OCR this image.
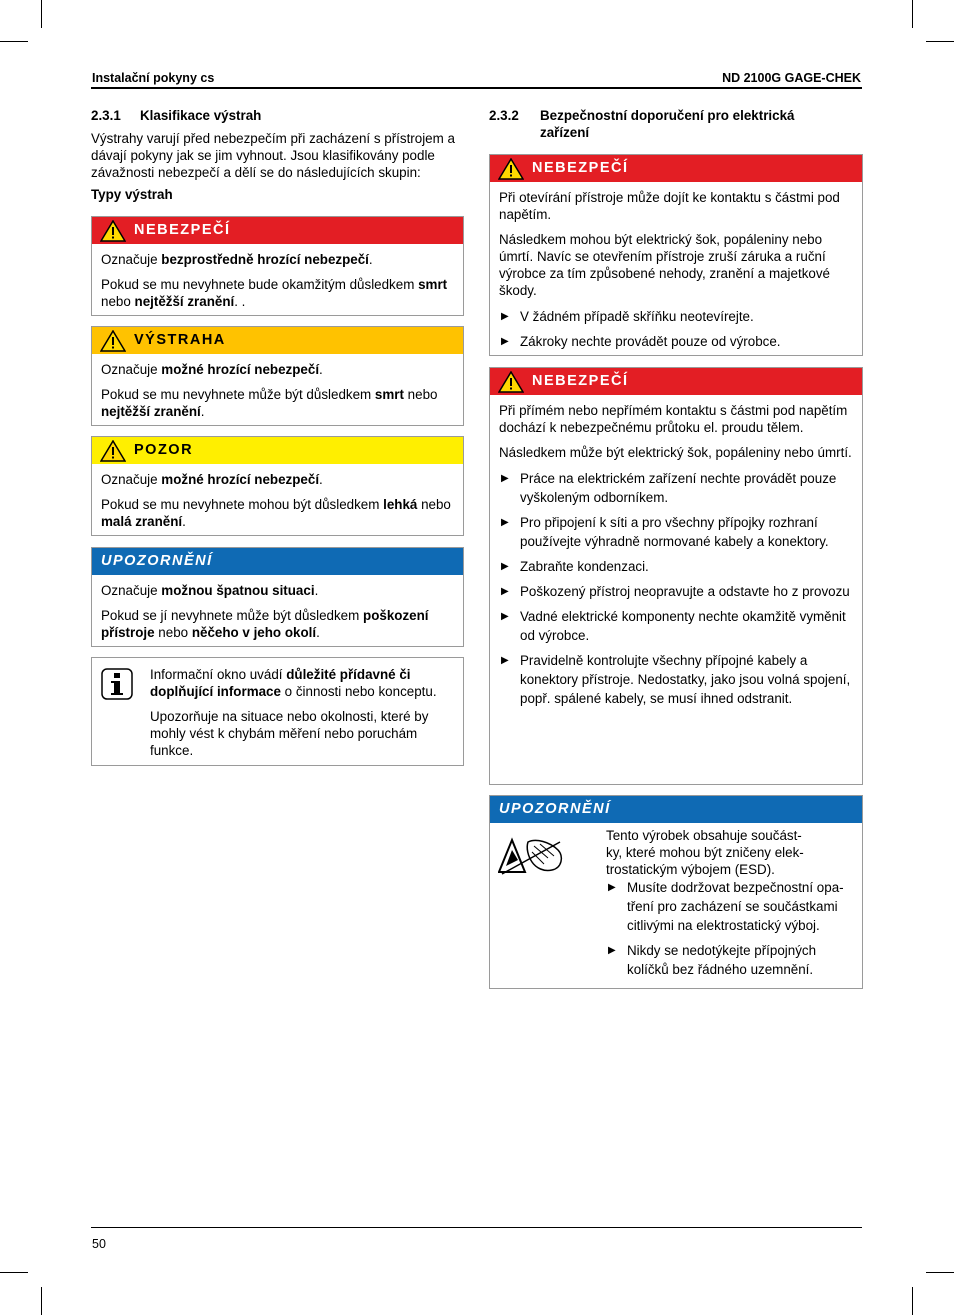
Instalační pokyny cs	ND 2100G GAGE-CHEK
2.3.1 Klasifikace výstrah

Výstrahy varují před nebezpečím při zacházení s přístrojem a dávají pokyny jak se jim vyhnout. Jsou klasifikovány podle závažnosti nebezpečí a dělí se do následujících skupin:

Typy výstrah
NEBEZPEČÍ

Označuje bezprostředně hrozící nebezpečí.

Pokud se mu nevyhnete bude okamžitým důsledkem smrt nebo nejtěžší zranění. .

VÝSTRAHA

Označuje možné hrozící nebezpečí.

Pokud se mu nevyhnete může být důsledkem smrt nebo nejtěžší zranění.

POZOR

Označuje možné hrozící nebezpečí.

Pokud se mu nevyhnete mohou být důsledkem lehká nebo malá zranění.

UPOZORNĚNÍ

Označuje možnou špatnou situaci.

Pokud se jí nevyhnete může být důsledkem poškození přístroje nebo něčeho v jeho okolí.

Informační okno uvádí důležité přídavné či doplňující informace o činnosti nebo konceptu.

Upozorňuje na situace nebo okolnosti, které by mohly vést k chybám měření nebo poruchám funkce.

2.3.2 Bezpečnostní doporučení pro elektrická
zařízení
NEBEZPEČÍ

Při otevírání přístroje může dojít ke kontaktu s částmi pod napětím.

Následkem mohou být elektrický šok, popáleniny nebo úmrtí. Navíc se otevřením přístroje zruší záruka a ruční výrobce za tím způsobené nehody, zranění a majetkové škody.

▶ V žádném případě skříňku neotevírejte.
▶ Zákroky nechte provádět pouze od výrobce.
NEBEZPEČÍ

Při přímém nebo nepřímém kontaktu s částmi pod napětím dochází k nebezpečnému průtoku el. proudu tělem.

Následkem může být elektrický šok, popáleniny nebo úmrtí.

▶ Práce na elektrickém zařízení nechte provádět pouze vyškoleným odborníkem.
▶ Pro připojení k síti a pro všechny přípojky rozhraní používejte výhradně normované kabely a konektory.
▶ Zabraňte kondenzaci.
▶ Poškozený přístroj neopravujte a odstavte ho z provozu
▶ Vadné elektrické komponenty nechte okamžitě vyměnit od výrobce.
▶ Pravidelně kontrolujte všechny přípojné kabely a konektory přístroje. Nedostatky, jako jsou volná spojení, popř. spálené kabely, se musí ihned odstranit.
UPOZORNĚNÍ
Tento výrobek obsahuje součást-
ky, které mohou být zničeny elek-
trostatickým výbojem (ESD).
▶ Musíte dodržovat bezpečnostní opa-tření pro zacházení se součástkami citlivými na elektrostatický výboj.
▶ Nikdy se nedotýkejte přípojných kolíčků bez řádného uzemnění.
50
